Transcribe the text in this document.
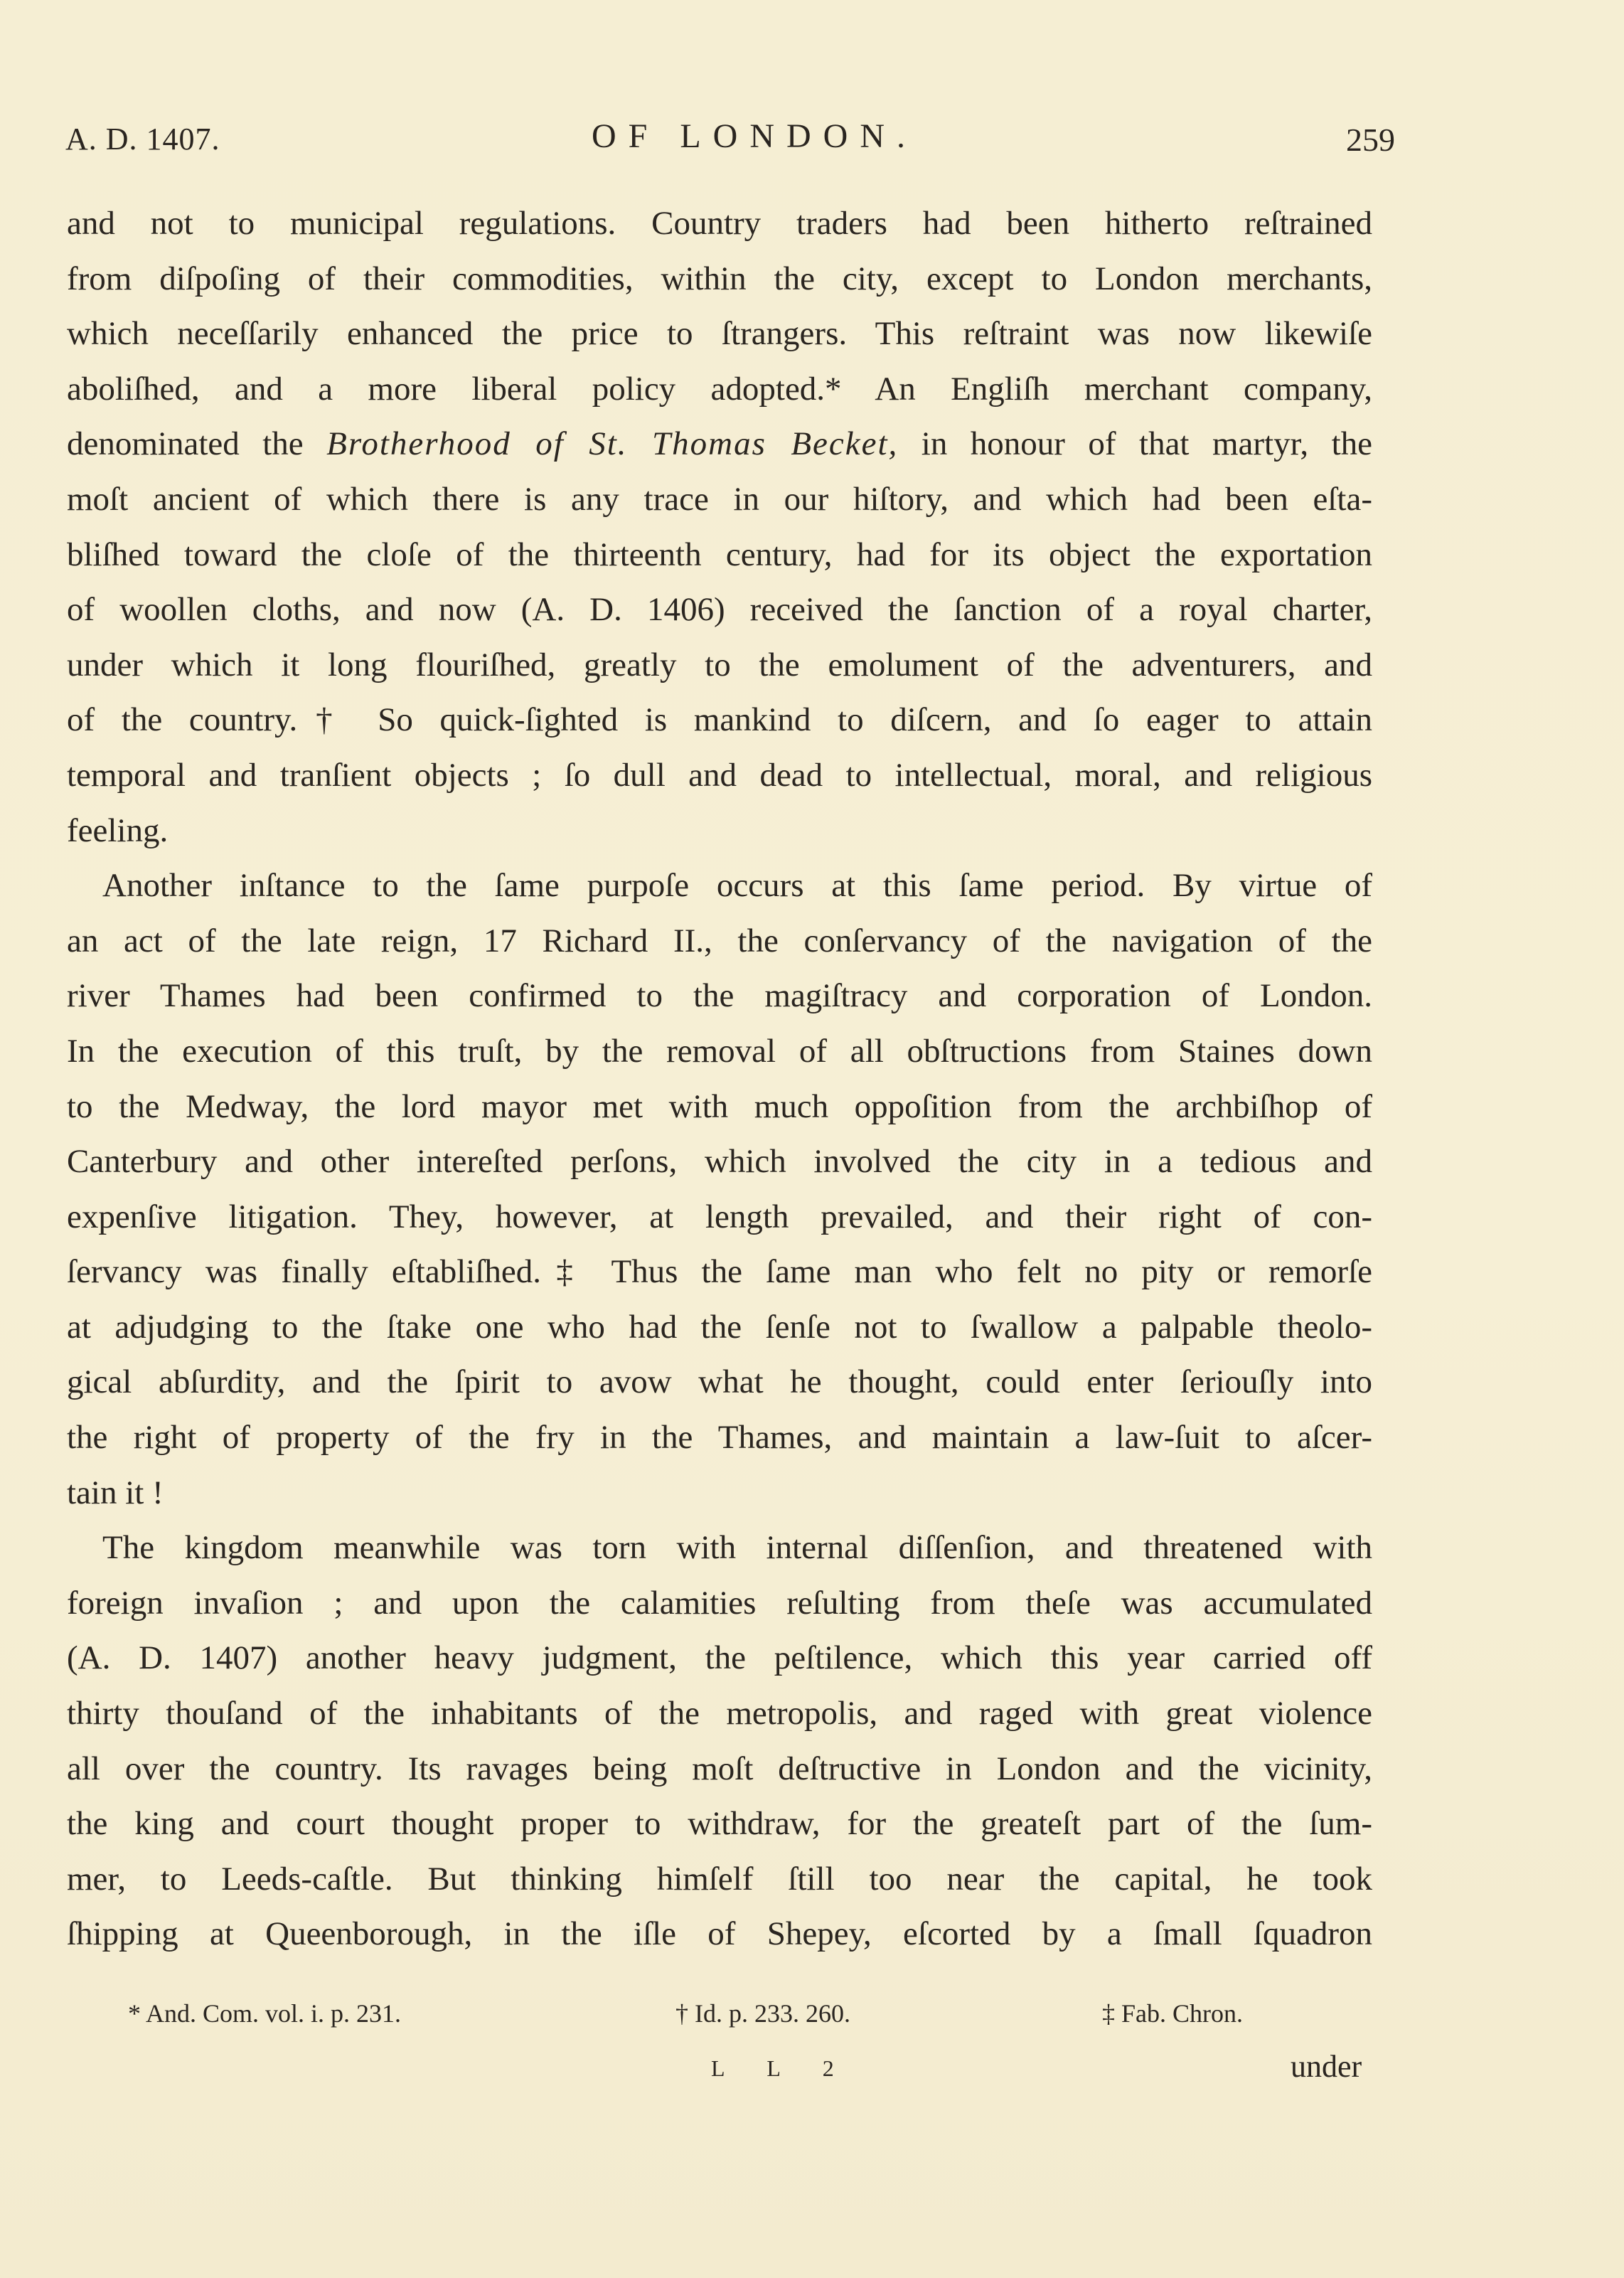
A. D. 1407.	OF LONDON.	259
and not to municipal regulations. Country traders had been hitherto reſtrained
from diſpoſing of their commodities, within the city, except to London merchants,
which neceſſarily enhanced the price to ſtrangers. This reſtraint was now likewiſe
aboliſhed, and a more liberal policy adopted.* An Engliſh merchant company,
denominated the Brotherhood of St. Thomas Becket, in honour of that martyr, the
moſt ancient of which there is any trace in our hiſtory, and which had been eſta-
bliſhed toward the cloſe of the thirteenth century, had for its object the exportation
of woollen cloths, and now (A. D. 1406) received the ſanction of a royal charter,
under which it long flouriſhed, greatly to the emolument of the adventurers, and
of the country.† So quick-ſighted is mankind to diſcern, and ſo eager to attain
temporal and tranſient objects ; ſo dull and dead to intellectual, moral, and religious
feeling.
Another inſtance to the ſame purpoſe occurs at this ſame period. By virtue of
an act of the late reign, 17 Richard II., the conſervancy of the navigation of the
river Thames had been confirmed to the magiſtracy and corporation of London.
In the execution of this truſt, by the removal of all obſtructions from Staines down
to the Medway, the lord mayor met with much oppoſition from the archbiſhop of
Canterbury and other intereſted perſons, which involved the city in a tedious and
expenſive litigation. They, however, at length prevailed, and their right of con-
ſervancy was finally eſtabliſhed.‡ Thus the ſame man who felt no pity or remorſe
at adjudging to the ſtake one who had the ſenſe not to ſwallow a palpable theolo-
gical abſurdity, and the ſpirit to avow what he thought, could enter ſeriouſly into
the right of property of the fry in the Thames, and maintain a law-ſuit to aſcer-
tain it !
The kingdom meanwhile was torn with internal diſſenſion, and threatened with
foreign invaſion ; and upon the calamities reſulting from theſe was accumulated
(A. D. 1407) another heavy judgment, the peſtilence, which this year carried off
thirty thouſand of the inhabitants of the metropolis, and raged with great violence
all over the country. Its ravages being moſt deſtructive in London and the vicinity,
the king and court thought proper to withdraw, for the greateſt part of the ſum-
mer, to Leeds-caſtle. But thinking himſelf ſtill too near the capital, he took
ſhipping at Queenborough, in the iſle of Shepey, eſcorted by a ſmall ſquadron
* And. Com. vol. i. p. 231.	† Id. p. 233. 260.	‡ Fab. Chron.
L L 2	under
